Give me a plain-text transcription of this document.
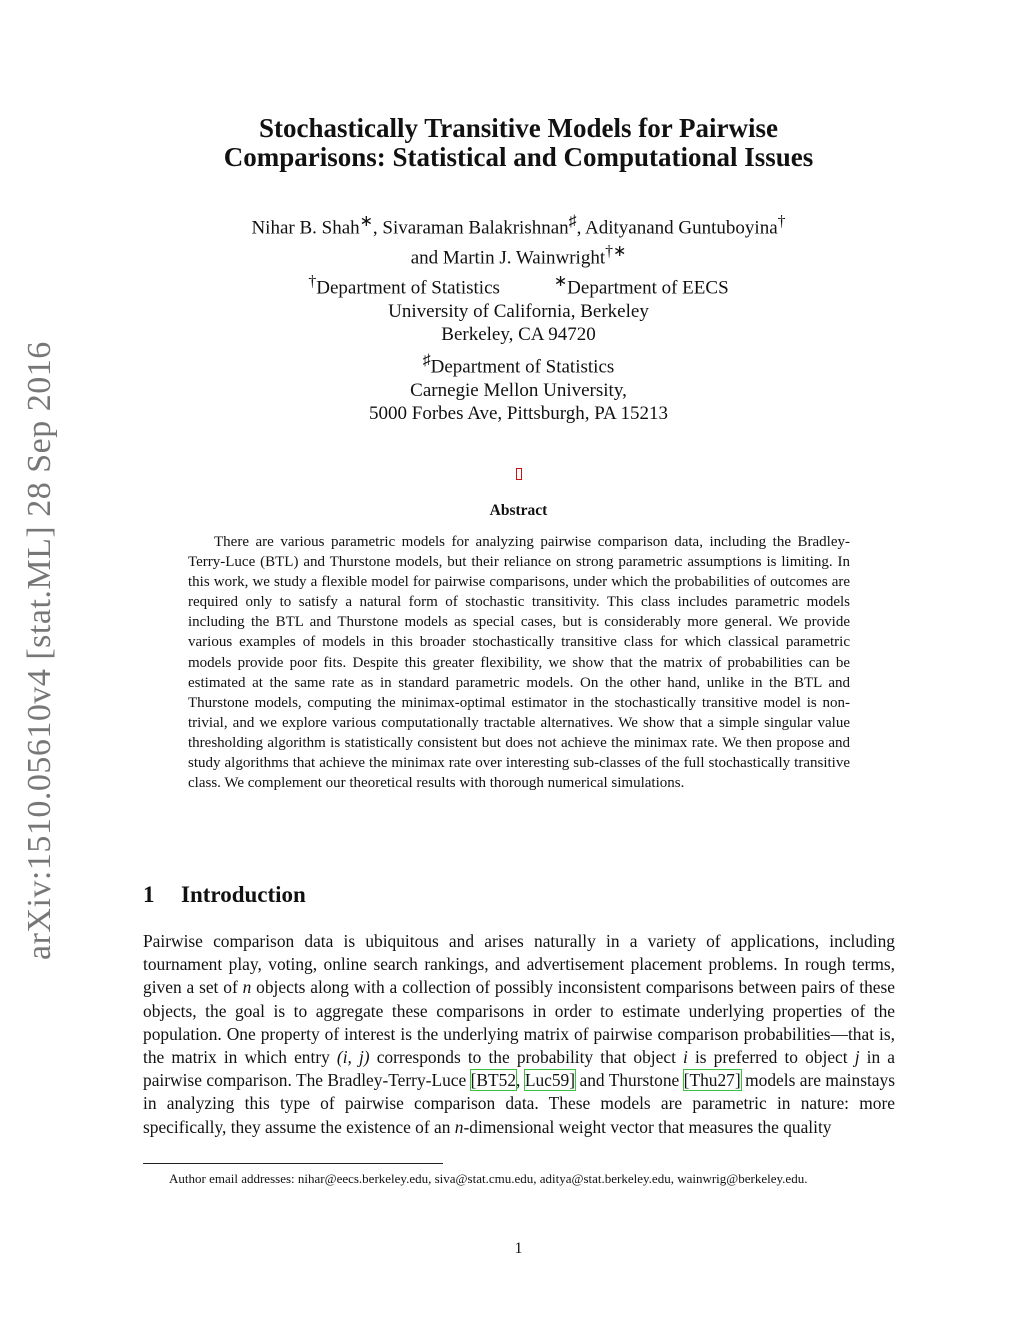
arXiv:1510.05610v4 [stat.ML] 28 Sep 2016
Stochastically Transitive Models for Pairwise
Comparisons: Statistical and Computational Issues
Nihar B. Shah∗, Sivaraman Balakrishnan♯, Adityanand Guntuboyina†
and Martin J. Wainwright†∗
†Department of Statistics	∗Department of EECS
University of California, Berkeley
Berkeley, CA 94720
♯Department of Statistics
Carnegie Mellon University,
5000 Forbes Ave, Pittsburgh, PA 15213
Abstract

There are various parametric models for analyzing pairwise comparison data, including the Bradley-Terry-Luce (BTL) and Thurstone models, but their reliance on strong parametric assumptions is limiting. In this work, we study a flexible model for pairwise comparisons, under which the probabilities of outcomes are required only to satisfy a natural form of stochastic transitivity. This class includes parametric models including the BTL and Thurstone models as special cases, but is considerably more general. We provide various examples of models in this broader stochastically transitive class for which classical parametric models provide poor fits. Despite this greater flexibility, we show that the matrix of probabilities can be estimated at the same rate as in standard parametric models. On the other hand, unlike in the BTL and Thurstone models, computing the minimax-optimal estimator in the stochastically transitive model is non-trivial, and we explore various computationally tractable alternatives. We show that a simple singular value thresholding algorithm is statistically consistent but does not achieve the minimax rate. We then propose and study algorithms that achieve the minimax rate over interesting sub-classes of the full stochastically transitive class. We complement our theoretical results with thorough numerical simulations.

1 Introduction

Pairwise comparison data is ubiquitous and arises naturally in a variety of applications, including tournament play, voting, online search rankings, and advertisement placement problems. In rough terms, given a set of n objects along with a collection of possibly inconsistent comparisons between pairs of these objects, the goal is to aggregate these comparisons in order to estimate underlying properties of the population. One property of interest is the underlying matrix of pairwise comparison probabilities—that is, the matrix in which entry (i, j) corresponds to the probability that object i is preferred to object j in a pairwise comparison. The Bradley-Terry-Luce [BT52, Luc59] and Thurstone [Thu27] models are mainstays in analyzing this type of pairwise comparison data. These models are parametric in nature: more specifically, they assume the existence of an n-dimensional weight vector that measures the quality

Author email addresses: nihar@eecs.berkeley.edu, siva@stat.cmu.edu, aditya@stat.berkeley.edu, wainwrig@berkeley.edu.

1
